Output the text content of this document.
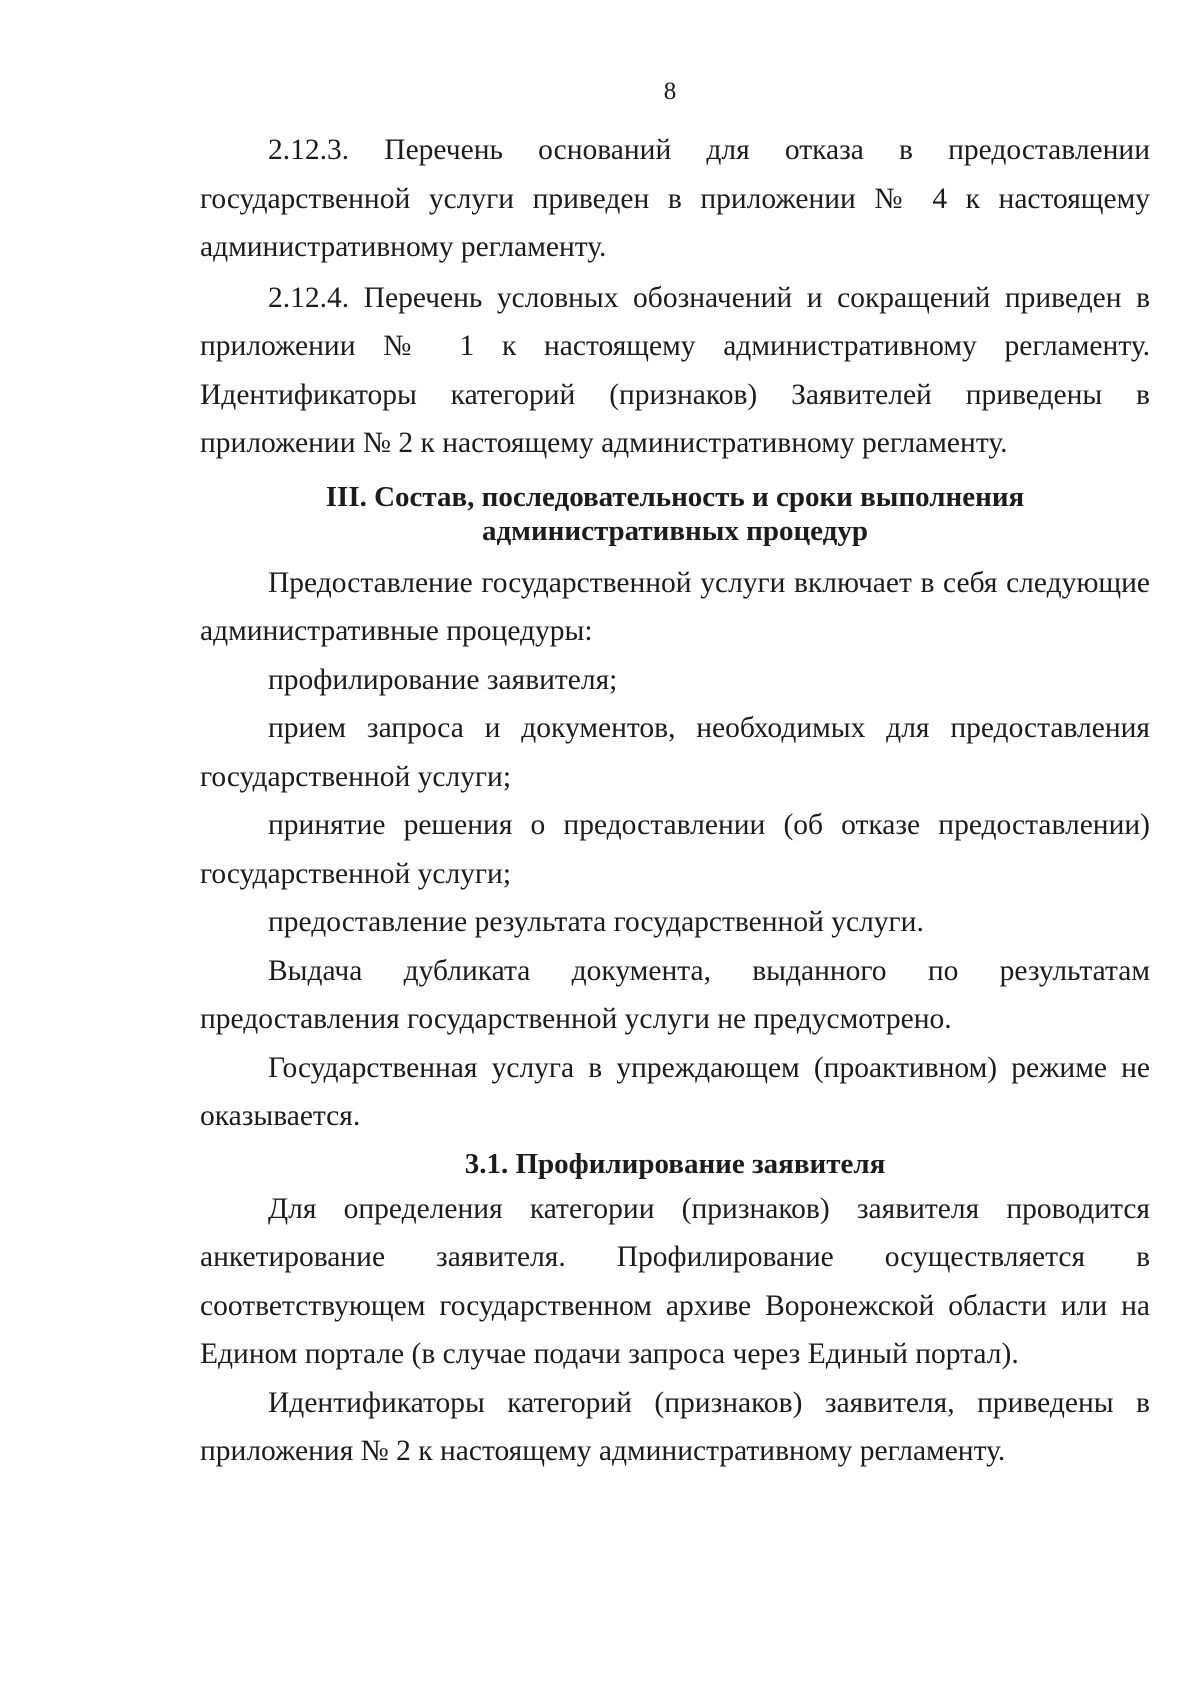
8

2.12.3. Перечень оснований для отказа в предоставлении государственной услуги приведен в приложении № 4 к настоящему административному регламенту.

2.12.4. Перечень условных обозначений и сокращений приведен в приложении № 1 к настоящему административному регламенту. Идентификаторы категорий (признаков) Заявителей приведены в приложении № 2 к настоящему административному регламенту.

III. Состав, последовательность и сроки выполнения
административных процедур

Предоставление государственной услуги включает в себя следующие административные процедуры:

профилирование заявителя;

прием запроса и документов, необходимых для предоставления государственной услуги;

принятие решения о предоставлении (об отказе предоставлении) государственной услуги;

предоставление результата государственной услуги.

Выдача дубликата документа, выданного по результатам предоставления государственной услуги не предусмотрено.

Государственная услуга в упреждающем (проактивном) режиме не оказывается.

3.1. Профилирование заявителя

Для определения категории (признаков) заявителя проводится анкетирование заявителя. Профилирование осуществляется в соответствующем государственном архиве Воронежской области или на Едином портале (в случае подачи запроса через Единый портал).

Идентификаторы категорий (признаков) заявителя, приведены в приложения № 2 к настоящему административному регламенту.
